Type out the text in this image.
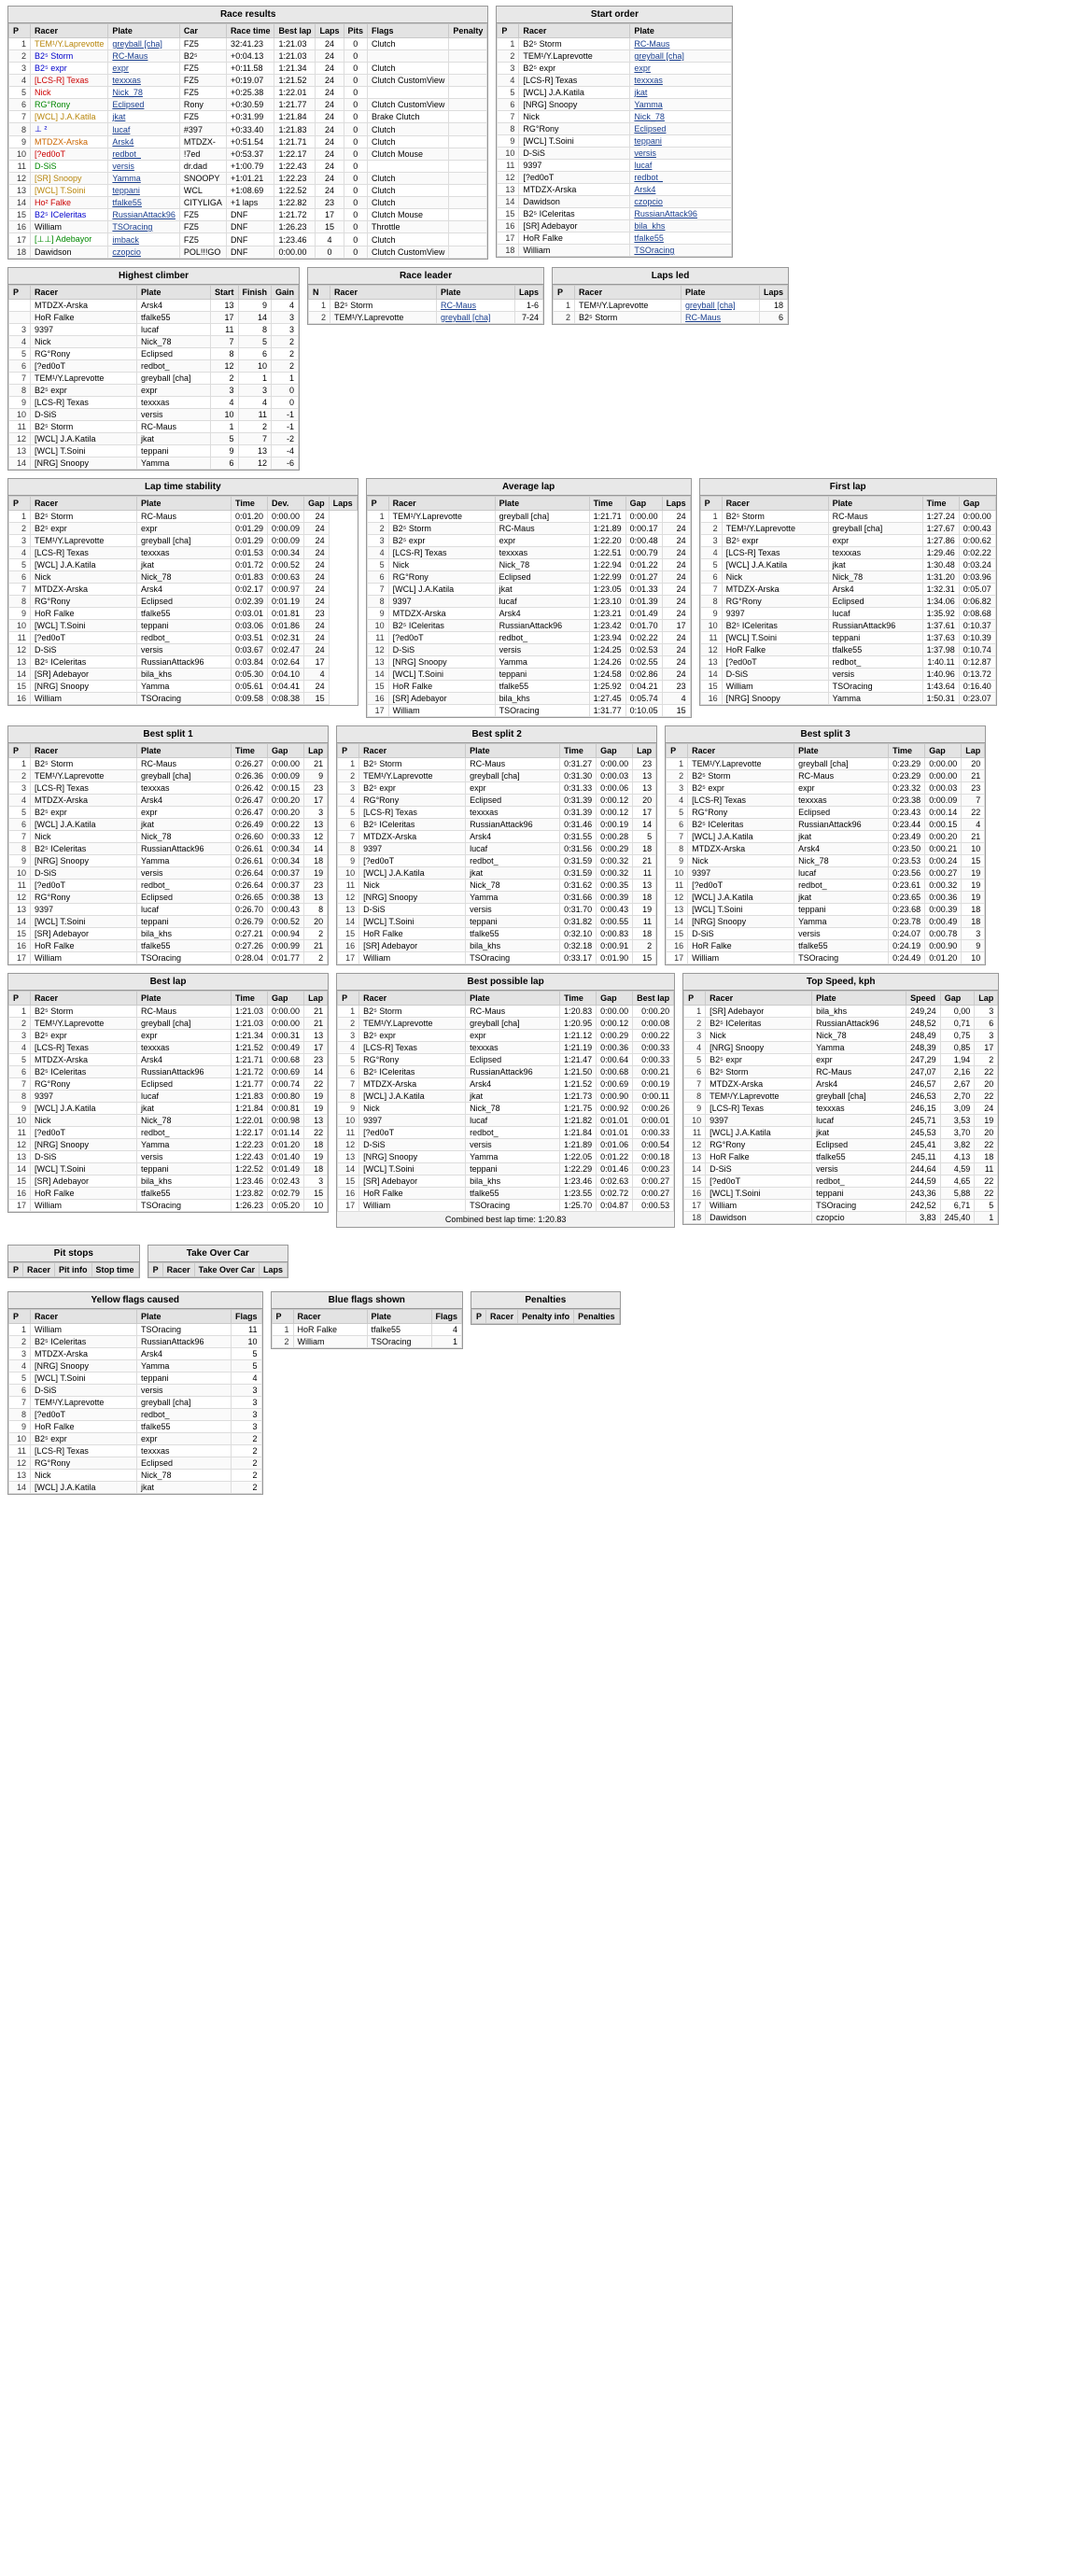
Race results
P	Racer	Plate	Car	Race time	Best lap	Laps	Pits	Flags	Penalty
1	TEM¹/Y.Laprevotte	greyball [cha]	FZ5	32:41.23	1:21.03	24	0	Clutch	
2	B2⁵ Storm	RC-Maus	B2⁵	+0:04.13	1:21.03	24	0		
3	B2⁵ expr	expr	FZ5	+0:11.58	1:21.34	24	0	Clutch	
4	[LCS-R] Texas	texxxas	FZ5	+0:19.07	1:21.52	24	0	Clutch CustomView	
5	Nick	Nick_78	FZ5	+0:25.38	1:22.01	24	0		
6	RG°Rony	Eclipsed	Rony	+0:30.59	1:21.77	24	0	Clutch CustomView	
7	[WCL] J.A.Katila	jkat	FZ5	+0:31.99	1:21.84	24	0	Brake Clutch	
8	⊥ ²	lucaf	#397	+0:33.40	1:21.83	24	0	Clutch	
9	MTDZX-Arska	Arsk4	MTDZX-	+0:51.54	1:21.71	24	0	Clutch	
10	[?ed0oT	redbot_	!7ed	+0:53.37	1:22.17	24	0	Clutch Mouse	
11	D-SiS	versis	dr.dad	+1:00.79	1:22.43	24	0		
12	[SR] Snoopy	Yamma	SNOOPY	+1:01.21	1:22.23	24	0	Clutch	
13	[WCL] T.Soini	teppani	WCL	+1:08.69	1:22.52	24	0	Clutch	
14	Ho² Falke	tfalke55	CITYLIGA	+1 laps	1:22.82	23	0	Clutch	
15	B2⁵ ICeleritas	RussianAttack96	FZ5	DNF	1:21.72	17	0	Clutch Mouse	
16	William	TSOracing	FZ5	DNF	1:26.23	15	0	Throttle	
17	[⊥⊥] Adebayor	imback	FZ5	DNF	1:23.46	4	0	Clutch	
18	Dawidson	czopcio	POL!!!GO	DNF	0:00.00	0	0	Clutch CustomView	
Start order
P	Racer	Plate
1	B2⁵ Storm	RC-Maus
2	TEM¹/Y.Laprevotte	greyball [cha]
3	B2⁵ expr	expr
4	[LCS-R] Texas	texxxas
5	[WCL] J.A.Katila	jkat
6	[NRG] Snoopy	Yamma
7	Nick	Nick_78
8	RG°Rony	Eclipsed
9	[WCL] T.Soini	teppani
10	D-SiS	versis
11	9397	lucaf
12	[?ed0oT	redbot_
13	MTDZX-Arska	Arsk4
14	Dawidson	czopcio
15	B2⁵ ICeleritas	RussianAttack96
16	[SR] Adebayor	bila_khs
17	HoR Falke	tfalke55
18	William	TSOracing
Highest climber
P	Racer	Plate	Start	Finish	Gain
	MTDZX-Arska	Arsk4	13	9	4
	HoR Falke	tfalke55	17	14	3
3	9397	lucaf	11	8	3
4	Nick	Nick_78	7	5	2
5	RG°Rony	Eclipsed	8	6	2
6	[?ed0oT	redbot_	12	10	2
7	TEM¹/Y.Laprevotte	greyball [cha]	2	1	1
8	B2⁵ expr	expr	3	3	0
9	[LCS-R] Texas	texxxas	4	4	0
10	D-SiS	versis	10	11	-1
11	B2⁵ Storm	RC-Maus	1	2	-1
12	[WCL] J.A.Katila	jkat	5	7	-2
13	[WCL] T.Soini	teppani	9	13	-4
14	[NRG] Snoopy	Yamma	6	12	-6
Race leader
N	Racer	Plate	Laps
1	B2⁵ Storm	RC-Maus	1-6
2	TEM¹/Y.Laprevotte	greyball [cha]	7-24
Laps led
P	Racer	Plate	Laps
1	TEM¹/Y.Laprevotte	greyball [cha]	18
2	B2⁵ Storm	RC-Maus	6
Lap time stability
P	Racer	Plate	Time	Dev.	Gap	Laps
1	B2⁵ Storm	RC-Maus	0:01.20	0:00.00	24	
2	B2⁵ expr	expr	0:01.29	0:00.09	24	
3	TEM¹/Y.Laprevotte	greyball [cha]	0:01.29	0:00.09	24	
4	[LCS-R] Texas	texxxas	0:01.53	0:00.34	24	
5	[WCL] J.A.Katila	jkat	0:01.72	0:00.52	24	
6	Nick	Nick_78	0:01.83	0:00.63	24	
7	MTDZX-Arska	Arsk4	0:02.17	0:00.97	24	
8	RG°Rony	Eclipsed	0:02.39	0:01.19	24	
9	HoR Falke	tfalke55	0:03.01	0:01.81	23	
10	[WCL] T.Soini	teppani	0:03.06	0:01.86	24	
11	[?ed0oT	redbot_	0:03.51	0:02.31	24	
12	D-SiS	versis	0:03.67	0:02.47	24	
13	B2⁵ ICeleritas	RussianAttack96	0:03.84	0:02.64	17	
14	[SR] Adebayor	bila_khs	0:05.30	0:04.10	4	
15	[NRG] Snoopy	Yamma	0:05.61	0:04.41	24	
16	William	TSOracing	0:09.58	0:08.38	15	
Average lap
P	Racer	Plate	Time	Gap	Laps
1	TEM¹/Y.Laprevotte	greyball [cha]	1:21.71	0:00.00	24
2	B2⁵ Storm	RC-Maus	1:21.89	0:00.17	24
3	B2⁵ expr	expr	1:22.20	0:00.48	24
4	[LCS-R] Texas	texxxas	1:22.51	0:00.79	24
5	Nick	Nick_78	1:22.94	0:01.22	24
6	RG°Rony	Eclipsed	1:22.99	0:01.27	24
7	[WCL] J.A.Katila	jkat	1:23.05	0:01.33	24
8	9397	lucaf	1:23.10	0:01.39	24
9	MTDZX-Arska	Arsk4	1:23.21	0:01.49	24
10	B2⁵ ICeleritas	RussianAttack96	1:23.42	0:01.70	17
11	[?ed0oT	redbot_	1:23.94	0:02.22	24
12	D-SiS	versis	1:24.25	0:02.53	24
13	[NRG] Snoopy	Yamma	1:24.26	0:02.55	24
14	[WCL] T.Soini	teppani	1:24.58	0:02.86	24
15	HoR Falke	tfalke55	1:25.92	0:04.21	23
16	[SR] Adebayor	bila_khs	1:27.45	0:05.74	4
17	William	TSOracing	1:31.77	0:10.05	15
First lap
P	Racer	Plate	Time	Gap
1	B2⁵ Storm	RC-Maus	1:27.24	0:00.00
2	TEM¹/Y.Laprevotte	greyball [cha]	1:27.67	0:00.43
3	B2⁵ expr	expr	1:27.86	0:00.62
4	[LCS-R] Texas	texxxas	1:29.46	0:02.22
5	[WCL] J.A.Katila	jkat	1:30.48	0:03.24
6	Nick	Nick_78	1:31.20	0:03.96
7	MTDZX-Arska	Arsk4	1:32.31	0:05.07
8	RG°Rony	Eclipsed	1:34.06	0:06.82
9	9397	lucaf	1:35.92	0:08.68
10	B2⁵ ICeleritas	RussianAttack96	1:37.61	0:10.37
11	[WCL] T.Soini	teppani	1:37.63	0:10.39
12	HoR Falke	tfalke55	1:37.98	0:10.74
13	[?ed0oT	redbot_	1:40.11	0:12.87
14	D-SiS	versis	1:40.96	0:13.72
15	William	TSOracing	1:43.64	0:16.40
16	[NRG] Snoopy	Yamma	1:50.31	0:23.07
Best split 1
P	Racer	Plate	Time	Gap	Lap
1	B2⁵ Storm	RC-Maus	0:26.27	0:00.00	21
2	TEM¹/Y.Laprevotte	greyball [cha]	0:26.36	0:00.09	9
3	[LCS-R] Texas	texxxas	0:26.42	0:00.15	23
4	MTDZX-Arska	Arsk4	0:26.47	0:00.20	17
5	B2⁵ expr	expr	0:26.47	0:00.20	3
6	[WCL] J.A.Katila	jkat	0:26.49	0:00.22	13
7	Nick	Nick_78	0:26.60	0:00.33	12
8	B2⁵ ICeleritas	RussianAttack96	0:26.61	0:00.34	14
9	[NRG] Snoopy	Yamma	0:26.61	0:00.34	18
10	D-SiS	versis	0:26.64	0:00.37	19
11	[?ed0oT	redbot_	0:26.64	0:00.37	23
12	RG°Rony	Eclipsed	0:26.65	0:00.38	13
13	9397	lucaf	0:26.70	0:00.43	8
14	[WCL] T.Soini	teppani	0:26.79	0:00.52	20
15	[SR] Adebayor	bila_khs	0:27.21	0:00.94	2
16	HoR Falke	tfalke55	0:27.26	0:00.99	21
17	William	TSOracing	0:28.04	0:01.77	2
Best split 2
P	Racer	Plate	Time	Gap	Lap
1	B2⁵ Storm	RC-Maus	0:31.27	0:00.00	23
2	TEM¹/Y.Laprevotte	greyball [cha]	0:31.30	0:00.03	13
3	B2⁵ expr	expr	0:31.33	0:00.06	13
4	RG°Rony	Eclipsed	0:31.39	0:00.12	20
5	[LCS-R] Texas	texxxas	0:31.39	0:00.12	17
6	B2⁵ ICeleritas	RussianAttack96	0:31.46	0:00.19	14
7	MTDZX-Arska	Arsk4	0:31.55	0:00.28	5
8	9397	lucaf	0:31.56	0:00.29	18
9	[?ed0oT	redbot_	0:31.59	0:00.32	21
10	[WCL] J.A.Katila	jkat	0:31.59	0:00.32	11
11	Nick	Nick_78	0:31.62	0:00.35	13
12	[NRG] Snoopy	Yamma	0:31.66	0:00.39	18
13	D-SiS	versis	0:31.70	0:00.43	19
14	[WCL] T.Soini	teppani	0:31.82	0:00.55	11
15	HoR Falke	tfalke55	0:32.10	0:00.83	18
16	[SR] Adebayor	bila_khs	0:32.18	0:00.91	2
17	William	TSOracing	0:33.17	0:01.90	15
Best split 3
P	Racer	Plate	Time	Gap	Lap
1	TEM¹/Y.Laprevotte	greyball [cha]	0:23.29	0:00.00	20
2	B2⁵ Storm	RC-Maus	0:23.29	0:00.00	21
3	B2⁵ expr	expr	0:23.32	0:00.03	23
4	[LCS-R] Texas	texxxas	0:23.38	0:00.09	7
5	RG°Rony	Eclipsed	0:23.43	0:00.14	22
6	B2⁵ ICeleritas	RussianAttack96	0:23.44	0:00.15	4
7	[WCL] J.A.Katila	jkat	0:23.49	0:00.20	21
8	MTDZX-Arska	Arsk4	0:23.50	0:00.21	10
9	Nick	Nick_78	0:23.53	0:00.24	15
10	9397	lucaf	0:23.56	0:00.27	19
11	[?ed0oT	redbot_	0:23.61	0:00.32	19
12	[WCL] J.A.Katila	jkat	0:23.65	0:00.36	19
13	[WCL] T.Soini	teppani	0:23.68	0:00.39	18
14	[NRG] Snoopy	Yamma	0:23.78	0:00.49	18
15	D-SiS	versis	0:24.07	0:00.78	3
16	HoR Falke	tfalke55	0:24.19	0:00.90	9
17	William	TSOracing	0:24.49	0:01.20	10
Best lap
P	Racer	Plate	Time	Gap	Lap
1	B2⁵ Storm	RC-Maus	1:21.03	0:00.00	21
2	TEM¹/Y.Laprevotte	greyball [cha]	1:21.03	0:00.00	21
3	B2⁵ expr	expr	1:21.34	0:00.31	13
4	[LCS-R] Texas	texxxas	1:21.52	0:00.49	17
5	MTDZX-Arska	Arsk4	1:21.71	0:00.68	23
6	B2⁵ ICeleritas	RussianAttack96	1:21.72	0:00.69	14
7	RG°Rony	Eclipsed	1:21.77	0:00.74	22
8	9397	lucaf	1:21.83	0:00.80	19
9	[WCL] J.A.Katila	jkat	1:21.84	0:00.81	19
10	Nick	Nick_78	1:22.01	0:00.98	13
11	[?ed0oT	redbot_	1:22.17	0:01.14	22
12	[NRG] Snoopy	Yamma	1:22.23	0:01.20	18
13	D-SiS	versis	1:22.43	0:01.40	19
14	[WCL] T.Soini	teppani	1:22.52	0:01.49	18
15	[SR] Adebayor	bila_khs	1:23.46	0:02.43	3
16	HoR Falke	tfalke55	1:23.82	0:02.79	15
17	William	TSOracing	1:26.23	0:05.20	10
Best possible lap
P	Racer	Plate	Time	Gap	Best lap
1	B2⁵ Storm	RC-Maus	1:20.83	0:00.00	0:00.20
2	TEM¹/Y.Laprevotte	greyball [cha]	1:20.95	0:00.12	0:00.08
3	B2⁵ expr	expr	1:21.12	0:00.29	0:00.22
4	[LCS-R] Texas	texxxas	1:21.19	0:00.36	0:00.33
5	RG°Rony	Eclipsed	1:21.47	0:00.64	0:00.33
6	B2⁵ ICeleritas	RussianAttack96	1:21.50	0:00.68	0:00.21
7	MTDZX-Arska	Arsk4	1:21.52	0:00.69	0:00.19
8	[WCL] J.A.Katila	jkat	1:21.73	0:00.90	0:00.11
9	Nick	Nick_78	1:21.75	0:00.92	0:00.26
10	9397	lucaf	1:21.82	0:01.01	0:00.01
11	[?ed0oT	redbot_	1:21.84	0:01.01	0:00.33
12	D-SiS	versis	1:21.89	0:01.06	0:00.54
13	[NRG] Snoopy	Yamma	1:22.05	0:01.22	0:00.18
14	[WCL] T.Soini	teppani	1:22.29	0:01.46	0:00.23
15	[SR] Adebayor	bila_khs	1:23.46	0:02.63	0:00.27
16	HoR Falke	tfalke55	1:23.55	0:02.72	0:00.27
17	William	TSOracing	1:25.70	0:04.87	0:00.53
Combined best lap time: 1:20.83
Top Speed, kph
P	Racer	Plate	Speed	Gap	Lap
1	[SR] Adebayor	bila_khs	249,24	0,00	3
2	B2⁵ ICeleritas	RussianAttack96	248,52	0,71	6
3	Nick	Nick_78	248,49	0,75	3
4	[NRG] Snoopy	Yamma	248,39	0,85	17
5	B2⁵ expr	expr	247,29	1,94	2
6	B2⁵ Storm	RC-Maus	247,07	2,16	22
7	MTDZX-Arska	Arsk4	246,57	2,67	20
8	TEM¹/Y.Laprevotte	greyball [cha]	246,53	2,70	22
9	[LCS-R] Texas	texxxas	246,15	3,09	24
10	9397	lucaf	245,71	3,53	19
11	[WCL] J.A.Katila	jkat	245,53	3,70	20
12	RG°Rony	Eclipsed	245,41	3,82	22
13	HoR Falke	tfalke55	245,11	4,13	18
14	D-SiS	versis	244,64	4,59	11
15	[?ed0oT	redbot_	244,59	4,65	22
16	[WCL] T.Soini	teppani	243,36	5,88	22
17	William	TSOracing	242,52	6,71	5
18	Dawidson	czopcio	3,83	245,40	1
Pit stops
P	Racer	Pit info	Stop time
Take Over Car
P	Racer	Take Over Car	Laps
Yellow flags caused
P	Racer	Plate	Flags
1	William	TSOracing	11
2	B2⁵ ICeleritas	RussianAttack96	10
3	MTDZX-Arska	Arsk4	5
4	[NRG] Snoopy	Yamma	5
5	[WCL] T.Soini	teppani	4
6	D-SiS	versis	3
7	TEM¹/Y.Laprevotte	greyball [cha]	3
8	[?ed0oT	redbot_	3
9	HoR Falke	tfalke55	3
10	B2⁵ expr	expr	2
11	[LCS-R] Texas	texxxas	2
12	RG°Rony	Eclipsed	2
13	Nick	Nick_78	2
14	[WCL] J.A.Katila	jkat	2
Blue flags shown
P	Racer	Plate	Flags
1	HoR Falke	tfalke55	4
2	William	TSOracing	1
Penalties
P	Racer	Penalty info	Penalties
